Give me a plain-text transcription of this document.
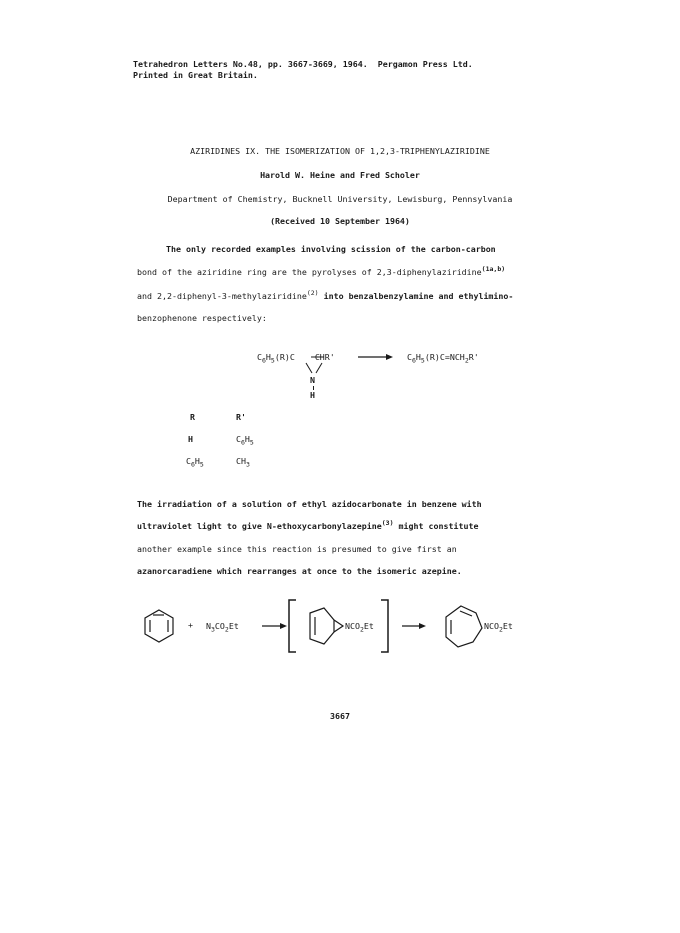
Tetrahedron Letters No.48, pp. 3667-3669, 1964. Pergamon Press Ltd.
Printed in Great Britain.
AZIRIDINES IX. THE ISOMERIZATION OF 1,2,3-TRIPHENYLAZIRIDINE
Harold W. Heine and Fred Scholer
Department of Chemistry, Bucknell University, Lewisburg, Pennsylvania
(Received 10 September 1964)
The only recorded examples involving scission of the carbon-carbon
bond of the aziridine ring are the pyrolyses of 2,3-diphenylaziridine$^{(1a,b)}$
and 2,2-diphenyl-3-methylaziridine$^{(2)}$ into benzalbenzylamine and ethylimino-
benzophenone respectively:
$C_6H_5(R)C$ CHR'
N
H
$C_6H_5(R)C=NCH_2R'$
R	R'
H	$C_6H_5$
$C_6H_5$	$CH_3$
The irradiation of a solution of ethyl azidocarbonate in benzene with
ultraviolet light to give N-ethoxycarbonylazepine$^{(3)}$ might constitute
another example since this reaction is presumed to give first an
azanorcaradiene which rearranges at once to the isomeric azepine.
+ $N_3CO_2Et$	$NCO_2Et$	$NCO_2Et$
3667
